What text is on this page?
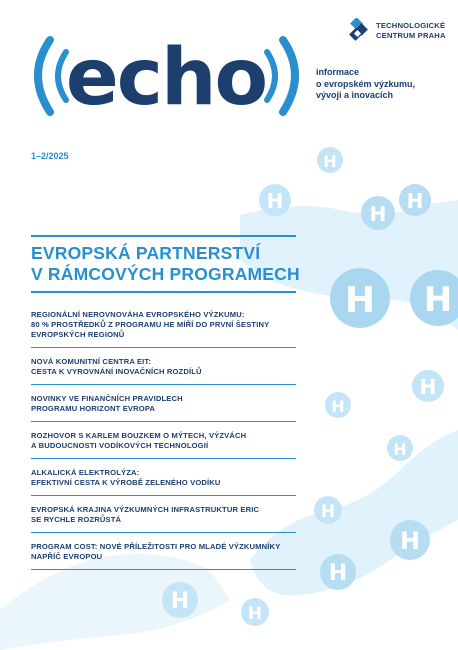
H
H
H
H
H H
H
H
H
H
H
H
H	H
echo
TECHNOLOGICKÉ
CENTRUM PRAHA
informace
o evropském výzkumu,
vývoji a inovacích
1–2/2025
EVROPSKÁ PARTNERSTVÍ
V RÁMCOVÝCH PROGRAMECH

REGIONÁLNÍ NEROVNOVÁHA EVROPSKÉHO VÝZKUMU:
80 % PROSTŘEDKŮ Z PROGRAMU HE MÍŘÍ DO PRVNÍ ŠESTINY
EVROPSKÝCH REGIONŮ

NOVÁ KOMUNITNÍ CENTRA EIT:
CESTA K VYROVNÁNÍ INOVAČNÍCH ROZDÍLŮ

NOVINKY VE FINANČNÍCH PRAVIDLECH
PROGRAMU HORIZONT EVROPA

ROZHOVOR S KARLEM BOUZKEM O MÝTECH, VÝZVÁCH
A BUDOUCNOSTI VODÍKOVÝCH TECHNOLOGIÍ

ALKALICKÁ ELEKTROLÝZA:
EFEKTIVNÍ CESTA K VÝROBĚ ZELENÉHO VODÍKU

EVROPSKÁ KRAJINA VÝZKUMNÝCH INFRASTRUKTUR ERIC
SE RYCHLE ROZRŮSTÁ

PROGRAM COST: NOVÉ PŘÍLEŽITOSTI PRO MLADÉ VÝZKUMNÍKY
NAPŘÍČ EVROPOU
